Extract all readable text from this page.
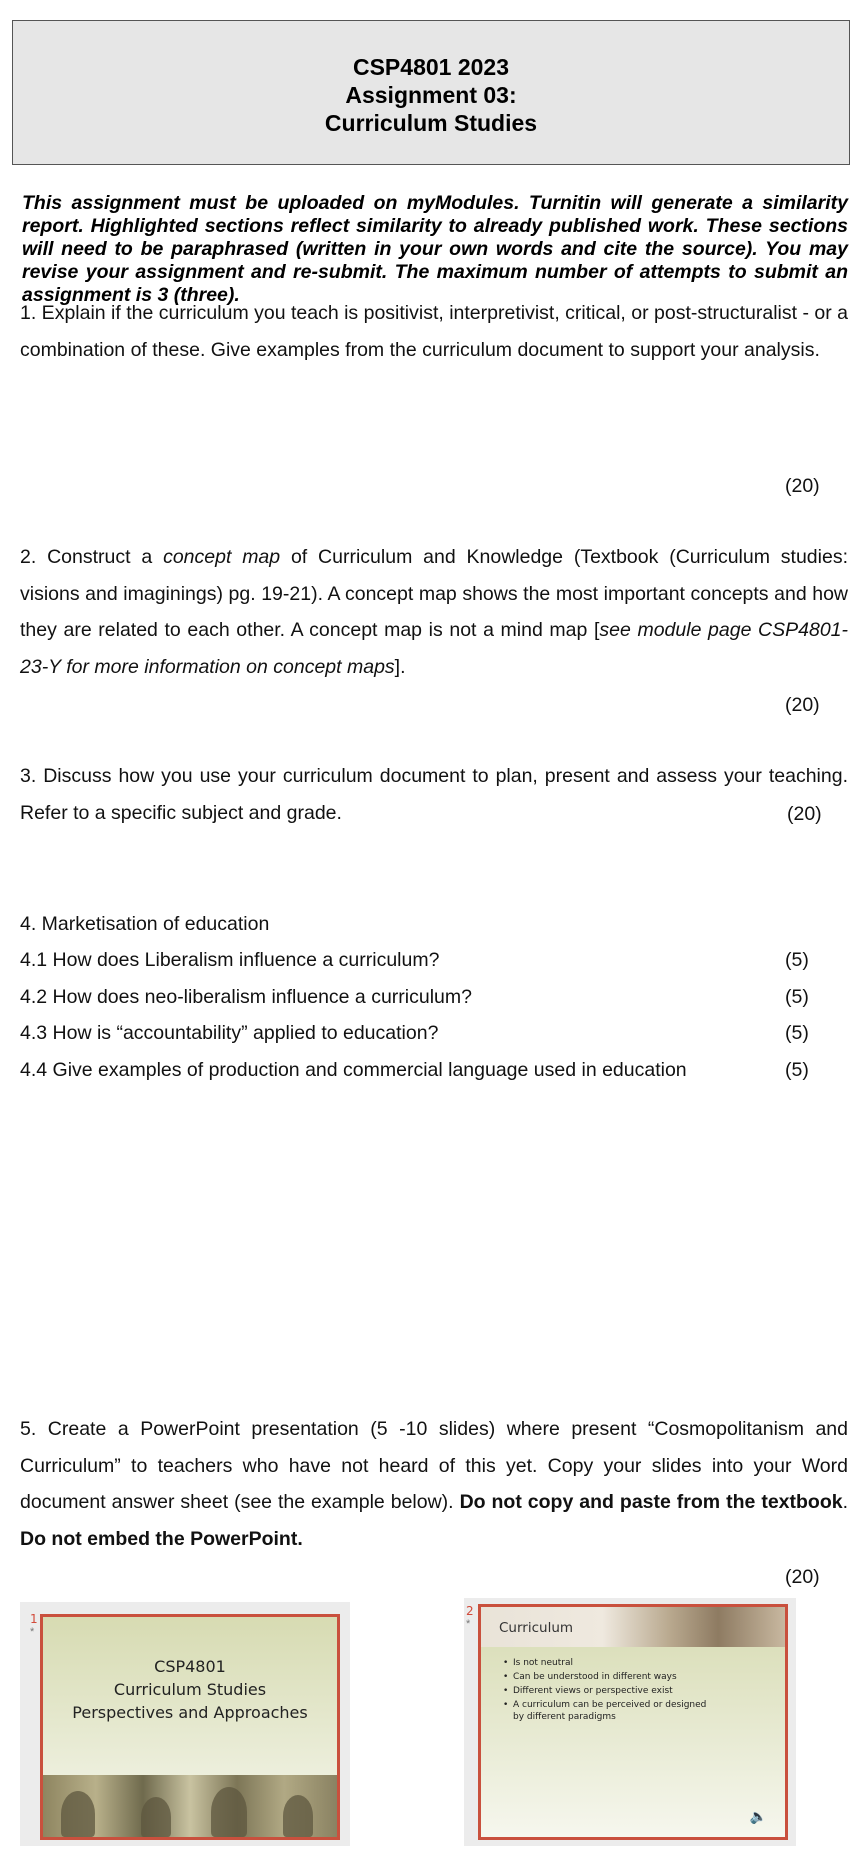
CSP4801 2023
Assignment 03:
Curriculum Studies
This assignment must be uploaded on myModules. Turnitin will generate a similarity report. Highlighted sections reflect similarity to already published work. These sections will need to be paraphrased (written in your own words and cite the source). You may revise your assignment and re-submit. The maximum number of attempts to submit an assignment is 3 (three).
1. Explain if the curriculum you teach is positivist, interpretivist, critical, or post-structuralist - or a combination of these. Give examples from the curriculum document to support your analysis.
(20)
2. Construct a concept map of Curriculum and Knowledge (Textbook (Curriculum studies: visions and imaginings) pg. 19-21). A concept map shows the most important concepts and how they are related to each other. A concept map is not a mind map [see module page CSP4801-23-Y for more information on concept maps].
(20)
3. Discuss how you use your curriculum document to plan, present and assess your teaching. Refer to a specific subject and grade.	(20)
4. Marketisation of education
4.1 How does Liberalism influence a curriculum?	(5)
4.2 How does neo-liberalism influence a curriculum?	(5)
4.3 How is “accountability” applied to education?	(5)
4.4 Give examples of production and commercial language used in education	(5)
5. Create a PowerPoint presentation (5 -10 slides) where present “Cosmopolitanism and Curriculum” to teachers who have not heard of this yet. Copy your slides into your Word document answer sheet (see the example below). Do not copy and paste from the textbook. Do not embed the PowerPoint.
(20)
1
*
CSP4801
Curriculum Studies
Perspectives and Approaches
2
* Curriculum
• Is not neutral
• Can be understood in different ways
• Different views or perspective exist
• A curriculum can be perceived or designed by different paradigms
🔈
